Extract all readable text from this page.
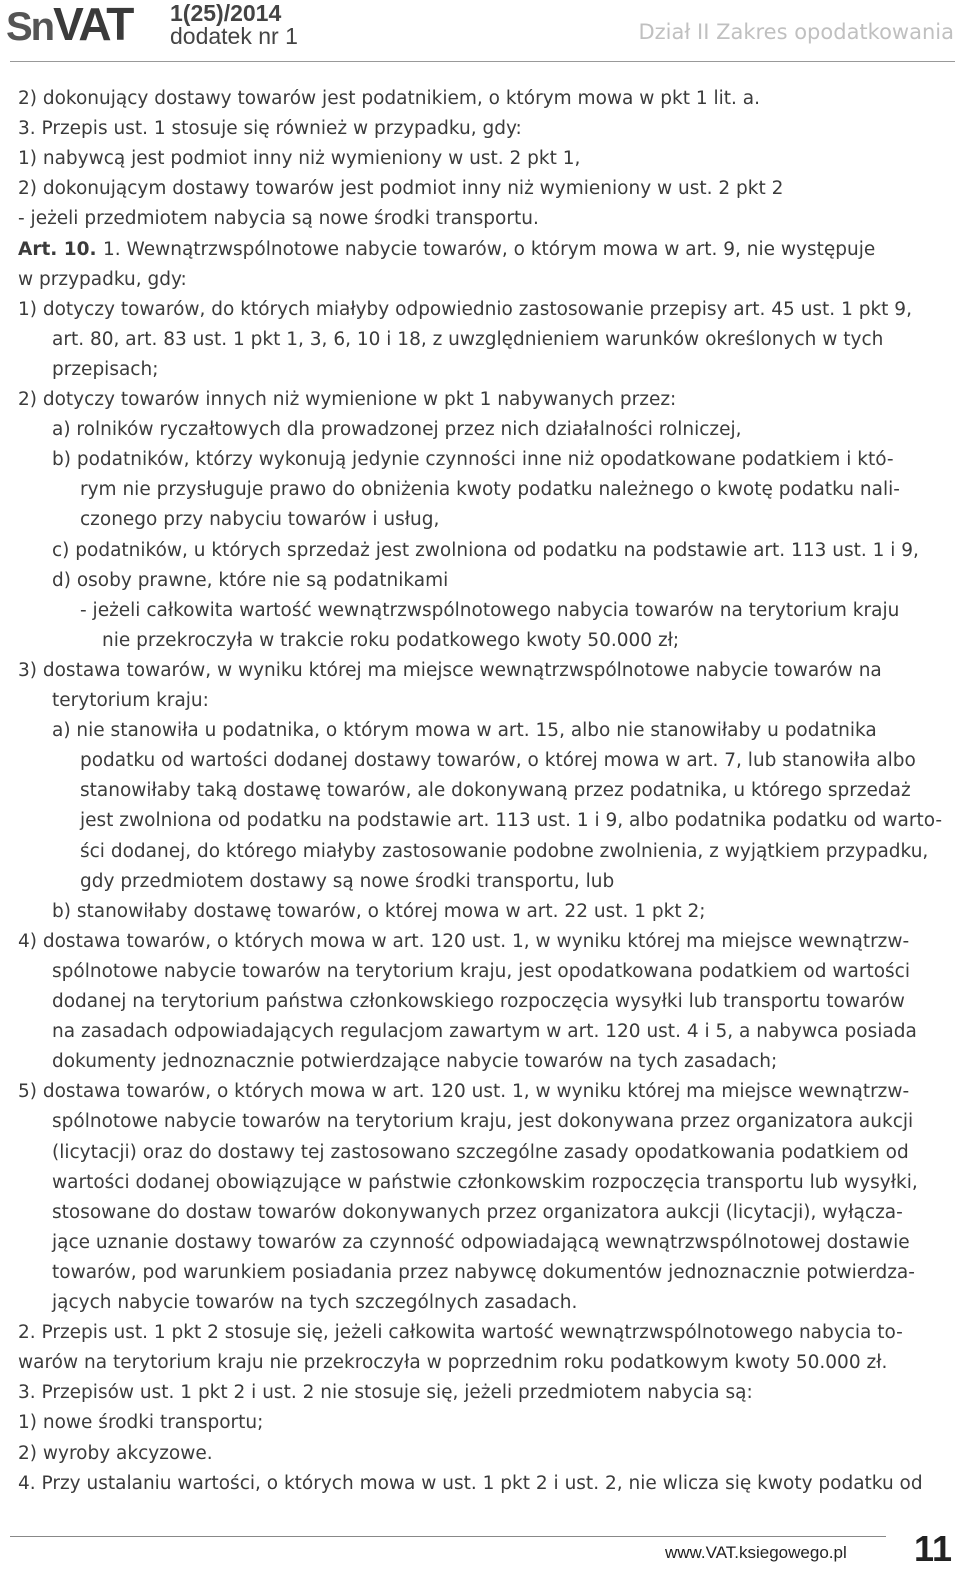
SnVAT 1(25)/2014
dodatek nr 1	Dział II Zakres opodatkowania
www.VAT.ksiegowego.pl 11
2) dokonujący dostawy towarów jest podatnikiem, o którym mowa w pkt 1 lit. a.
3. Przepis ust. 1 stosuje się również w przypadku, gdy:
1) nabywcą jest podmiot inny niż wymieniony w ust. 2 pkt 1,
2) dokonującym dostawy towarów jest podmiot inny niż wymieniony w ust. 2 pkt 2
- jeżeli przedmiotem nabycia są nowe środki transportu.
Art. 10. 1. Wewnątrzwspólnotowe nabycie towarów, o którym mowa w art. 9, nie występuje
w przypadku, gdy:
1) dotyczy towarów, do których miałyby odpowiednio zastosowanie przepisy art. 45 ust. 1 pkt 9,
art. 80, art. 83 ust. 1 pkt 1, 3, 6, 10 i 18, z uwzględnieniem warunków określonych w tych
przepisach;
2) dotyczy towarów innych niż wymienione w pkt 1 nabywanych przez:
a) rolników ryczałtowych dla prowadzonej przez nich działalności rolniczej,
b) podatników, którzy wykonują jedynie czynności inne niż opodatkowane podatkiem i któ-
rym nie przysługuje prawo do obniżenia kwoty podatku należnego o kwotę podatku nali-
czonego przy nabyciu towarów i usług,
c) podatników, u których sprzedaż jest zwolniona od podatku na podstawie art. 113 ust. 1 i 9,
d) osoby prawne, które nie są podatnikami
- jeżeli całkowita wartość wewnątrzwspólnotowego nabycia towarów na terytorium kraju
nie przekroczyła w trakcie roku podatkowego kwoty 50.000 zł;
3) dostawa towarów, w wyniku której ma miejsce wewnątrzwspólnotowe nabycie towarów na
terytorium kraju:
a) nie stanowiła u podatnika, o którym mowa w art. 15, albo nie stanowiłaby u podatnika
podatku od wartości dodanej dostawy towarów, o której mowa w art. 7, lub stanowiła albo
stanowiłaby taką dostawę towarów, ale dokonywaną przez podatnika, u którego sprzedaż
jest zwolniona od podatku na podstawie art. 113 ust. 1 i 9, albo podatnika podatku od warto-
ści dodanej, do którego miałyby zastosowanie podobne zwolnienia, z wyjątkiem przypadku,
gdy przedmiotem dostawy są nowe środki transportu, lub
b) stanowiłaby dostawę towarów, o której mowa w art. 22 ust. 1 pkt 2;
4) dostawa towarów, o których mowa w art. 120 ust. 1, w wyniku której ma miejsce wewnątrzw-
spólnotowe nabycie towarów na terytorium kraju, jest opodatkowana podatkiem od wartości
dodanej na terytorium państwa członkowskiego rozpoczęcia wysyłki lub transportu towarów
na zasadach odpowiadających regulacjom zawartym w art. 120 ust. 4 i 5, a nabywca posiada
dokumenty jednoznacznie potwierdzające nabycie towarów na tych zasadach;
5) dostawa towarów, o których mowa w art. 120 ust. 1, w wyniku której ma miejsce wewnątrzw-
spólnotowe nabycie towarów na terytorium kraju, jest dokonywana przez organizatora aukcji
(licytacji) oraz do dostawy tej zastosowano szczególne zasady opodatkowania podatkiem od
wartości dodanej obowiązujące w państwie członkowskim rozpoczęcia transportu lub wysyłki,
stosowane do dostaw towarów dokonywanych przez organizatora aukcji (licytacji), wyłącza-
jące uznanie dostawy towarów za czynność odpowiadającą wewnątrzwspólnotowej dostawie
towarów, pod warunkiem posiadania przez nabywcę dokumentów jednoznacznie potwierdza-
jących nabycie towarów na tych szczególnych zasadach.
2. Przepis ust. 1 pkt 2 stosuje się, jeżeli całkowita wartość wewnątrzwspólnotowego nabycia to-
warów na terytorium kraju nie przekroczyła w poprzednim roku podatkowym kwoty 50.000 zł.
3. Przepisów ust. 1 pkt 2 i ust. 2 nie stosuje się, jeżeli przedmiotem nabycia są:
1) nowe środki transportu;
2) wyroby akcyzowe.
4. Przy ustalaniu wartości, o których mowa w ust. 1 pkt 2 i ust. 2, nie wlicza się kwoty podatku od
